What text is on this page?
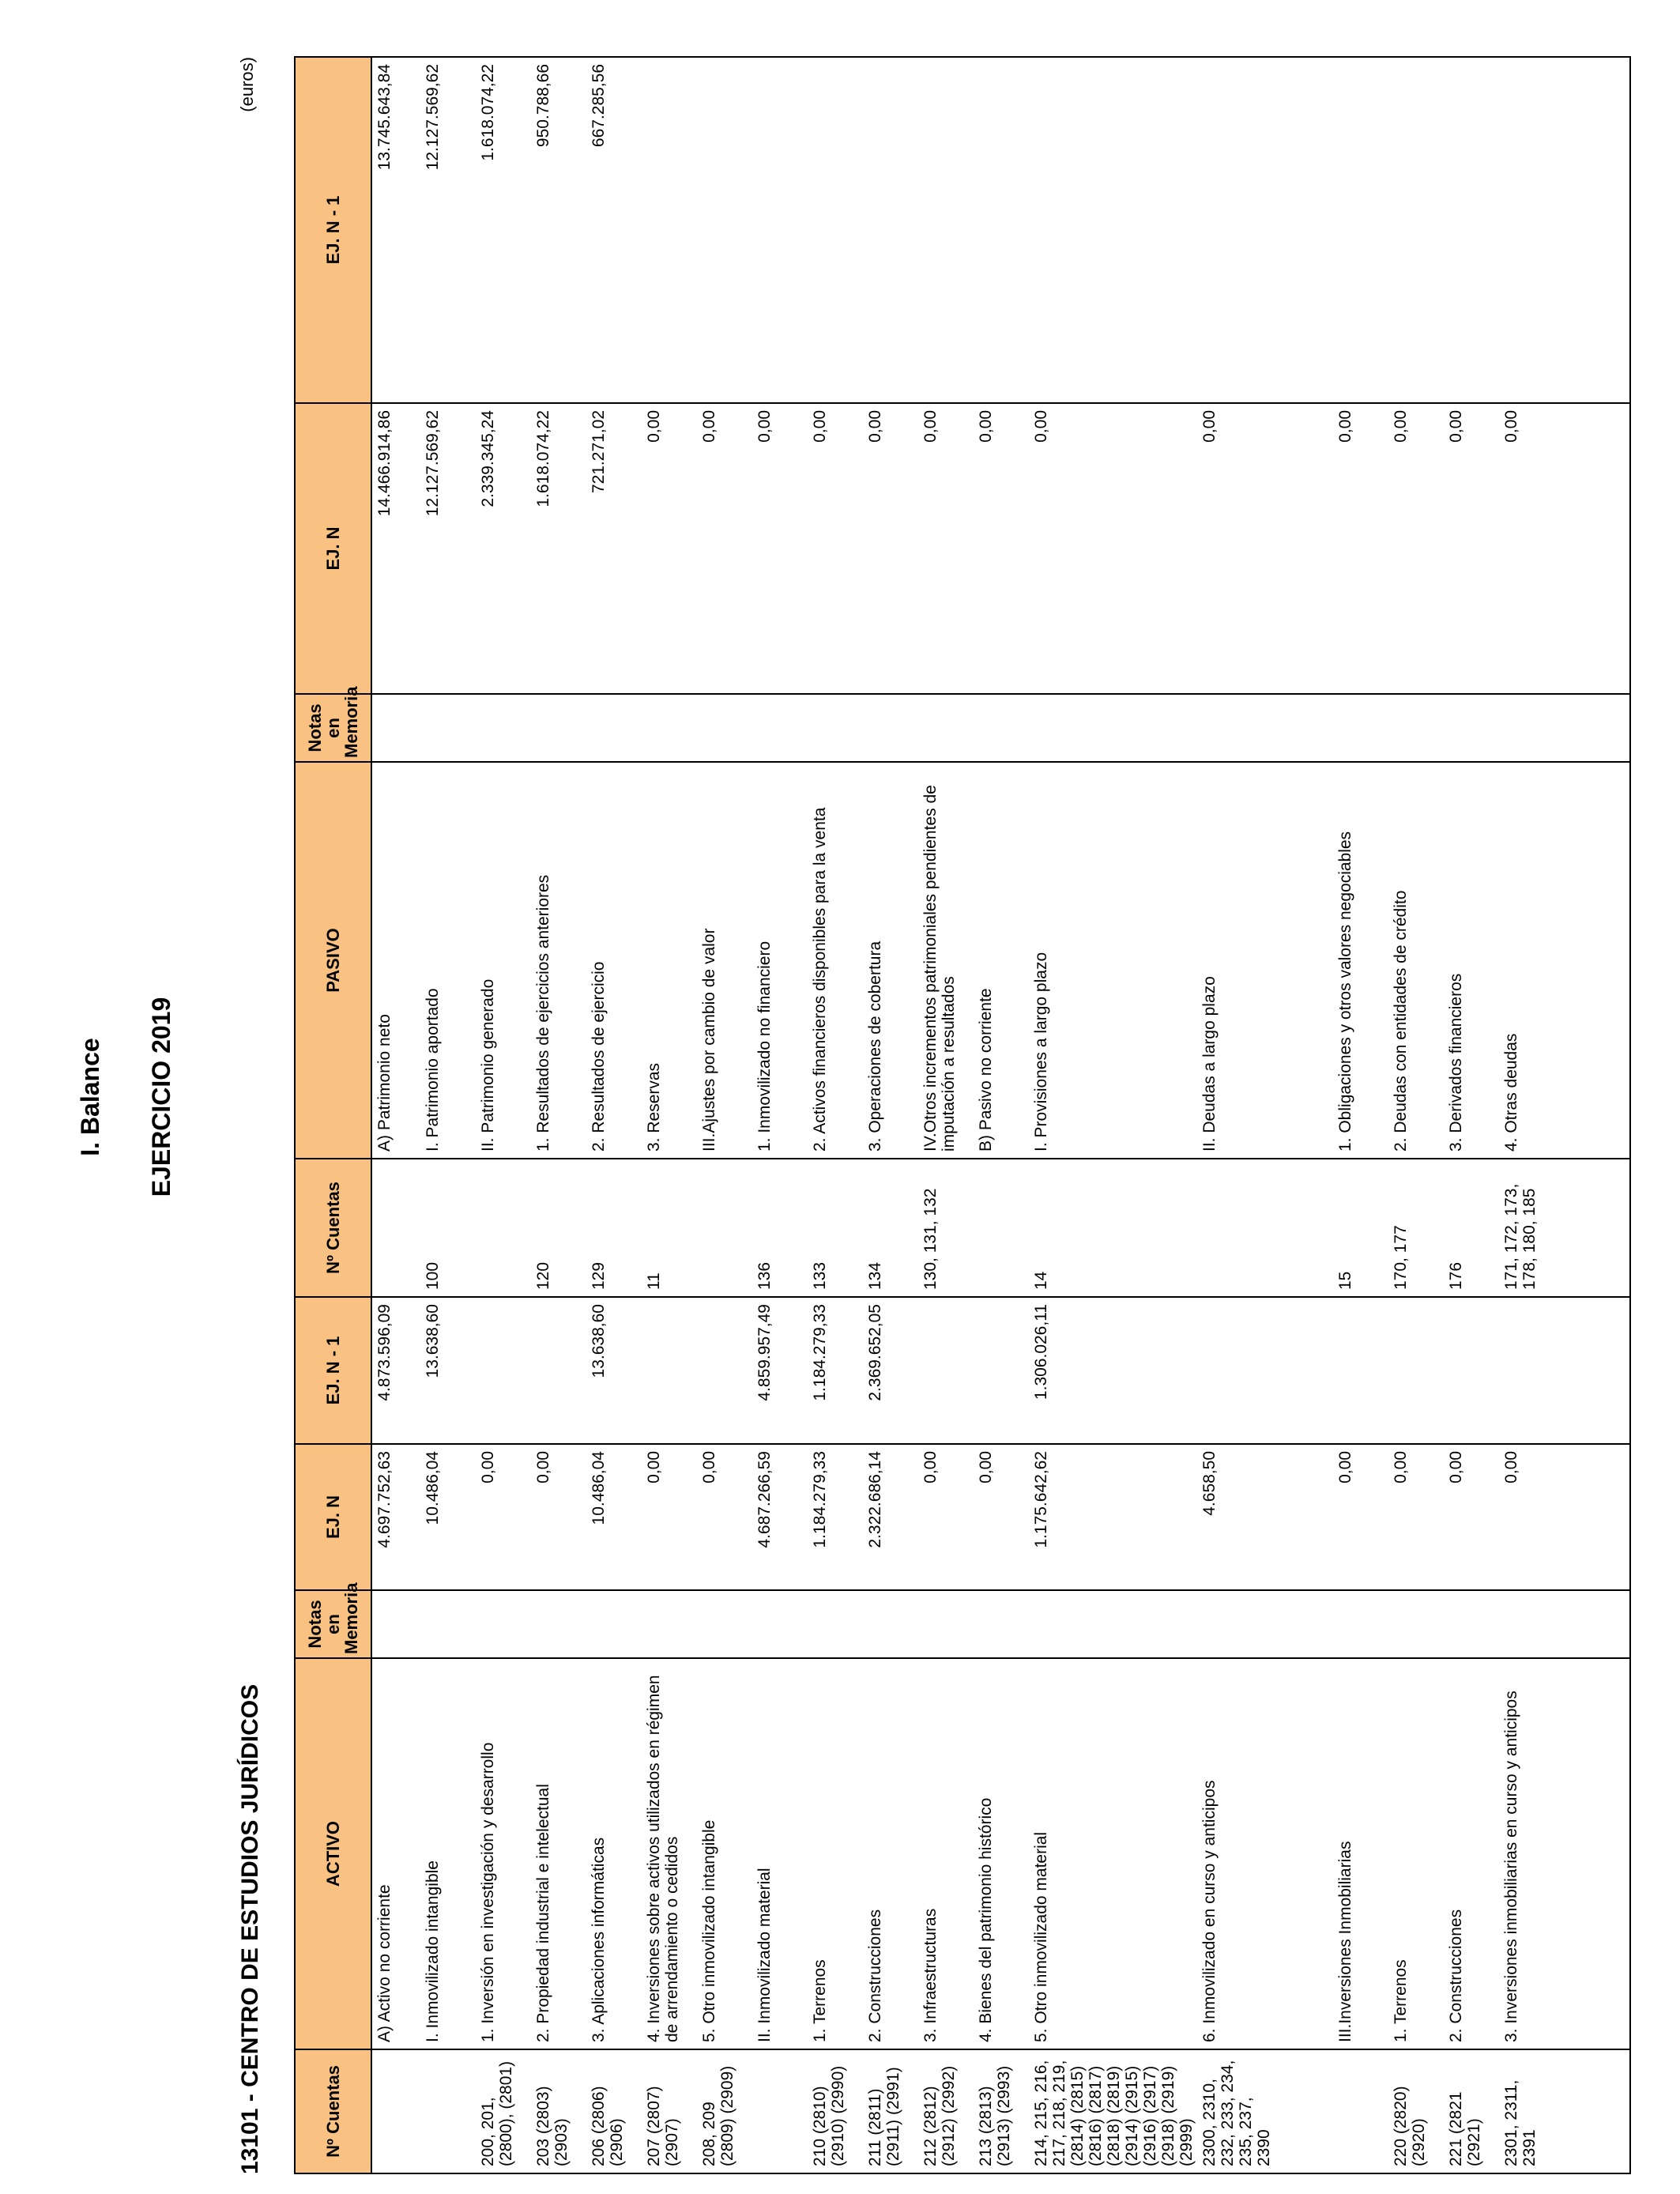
I. Balance EJERCICIO 2019
13101 - CENTRO DE ESTUDIOS JURÍDICOS
(euros)
Nº Cuentas	ACTIVO	Notas en Memoria	EJ. N	EJ. N - 1	Nº Cuentas	PASIVO	Notas en Memoria	EJ. N	EJ. N - 1
	A) Activo no corriente		4.697.752,63	4.873.596,09		A) Patrimonio neto		14.466.914,86	13.745.643,84
	I. Inmovilizado intangible		10.486,04	13.638,60	100	I. Patrimonio aportado		12.127.569,62	12.127.569,62
200, 201, (2800), (2801)	1. Inversión en investigación y desarrollo		0,00			II. Patrimonio generado		2.339.345,24	1.618.074,22
203 (2803) (2903)	2. Propiedad industrial e intelectual		0,00		120	1. Resultados de ejercicios anteriores		1.618.074,22	950.788,66
206 (2806) (2906)	3. Aplicaciones informáticas		10.486,04	13.638,60	129	2. Resultados de ejercicio		721.271,02	667.285,56
207 (2807) (2907)	4. Inversiones sobre activos utilizados en régimen de arrendamiento o cedidos		0,00		11	3. Reservas		0,00	
208, 209 (2809) (2909)	5. Otro inmovilizado intangible		0,00			III.Ajustes por cambio de valor		0,00	
	II. Inmovilizado material		4.687.266,59	4.859.957,49	136	1. Inmovilizado no financiero		0,00	
210 (2810) (2910) (2990)	1. Terrenos		1.184.279,33	1.184.279,33	133	2. Activos financieros disponibles para la venta		0,00	
211 (2811) (2911) (2991)	2. Construcciones		2.322.686,14	2.369.652,05	134	3. Operaciones de cobertura		0,00	
212 (2812) (2912) (2992)	3. Infraestructuras		0,00		130, 131, 132	IV.Otros incrementos patrimoniales pendientes de imputación a resultados		0,00	
213 (2813) (2913) (2993)	4. Bienes del patrimonio histórico		0,00			B) Pasivo no corriente		0,00	
214, 215, 216, 217, 218, 219, (2814) (2815) (2816) (2817) (2818) (2819) (2914) (2915) (2916) (2917) (2918) (2919) (2999)	5. Otro inmovilizado material		1.175.642,62	1.306.026,11	14	I. Provisiones a largo plazo		0,00	
2300, 2310, 232, 233, 234, 235, 237, 2390	6. Inmovilizado en curso y anticipos		4.658,50			II. Deudas a largo plazo		0,00	
	III.Inversiones Inmobiliarias		0,00		15	1. Obligaciones y otros valores negociables		0,00	
220 (2820) (2920)	1. Terrenos		0,00		170, 177	2. Deudas con entidades de crédito		0,00	
221 (2821 (2921)	2. Construcciones		0,00		176	3. Derivados financieros		0,00	
2301, 2311, 2391	3. Inversiones inmobiliarias en curso y anticipos		0,00		171, 172, 173, 178, 180, 185	4. Otras deudas		0,00	
